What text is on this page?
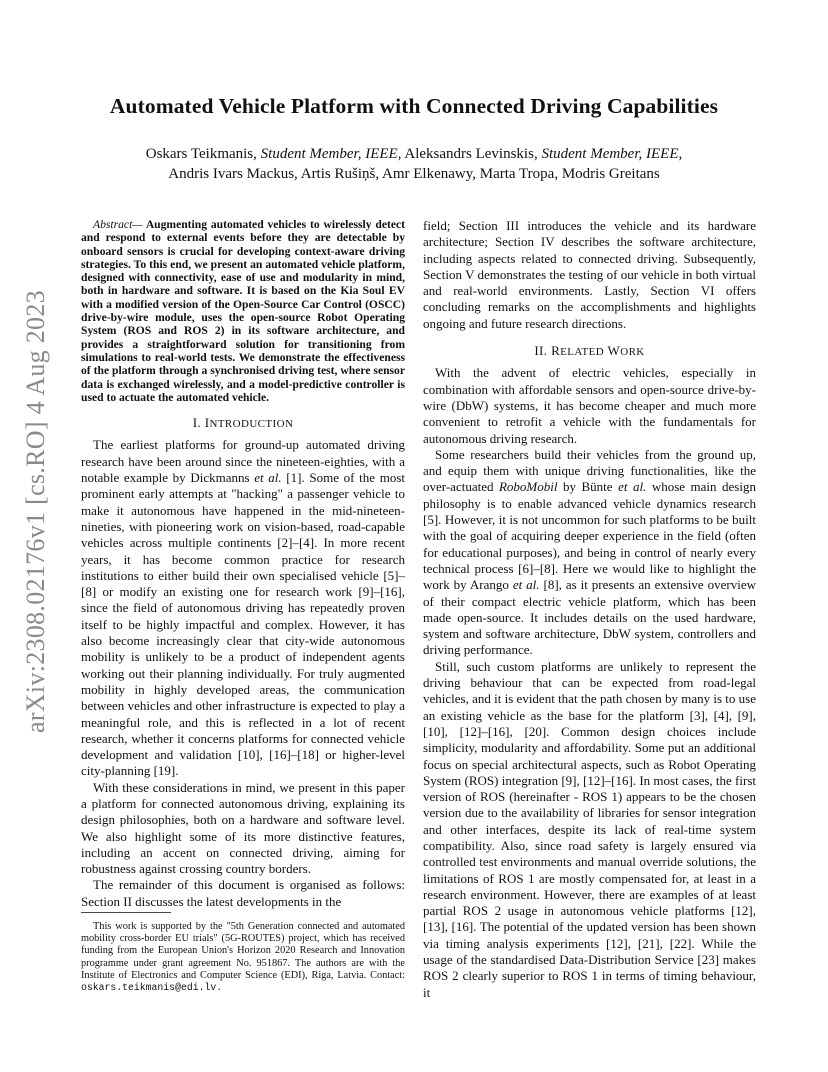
arXiv:2308.02176v1 [cs.RO] 4 Aug 2023
Automated Vehicle Platform with Connected Driving Capabilities
Oskars Teikmanis, Student Member, IEEE, Aleksandrs Levinskis, Student Member, IEEE,
Andris Ivars Mackus, Artis Rušiņš, Amr Elkenawy, Marta Tropa, Modris Greitans

Abstract— Augmenting automated vehicles to wirelessly detect and respond to external events before they are detectable by onboard sensors is crucial for developing context-aware driving strategies. To this end, we present an automated vehicle platform, designed with connectivity, ease of use and modularity in mind, both in hardware and software. It is based on the Kia Soul EV with a modified version of the Open-Source Car Control (OSCC) drive-by-wire module, uses the open-source Robot Operating System (ROS and ROS 2) in its software architecture, and provides a straightforward solution for transitioning from simulations to real-world tests. We demonstrate the effectiveness of the platform through a synchronised driving test, where sensor data is exchanged wirelessly, and a model-predictive controller is used to actuate the automated vehicle.

I. INTRODUCTION

The earliest platforms for ground-up automated driving research have been around since the nineteen-eighties, with a notable example by Dickmanns et al. [1]. Some of the most prominent early attempts at "hacking" a passenger vehicle to make it autonomous have happened in the mid-nineteen-nineties, with pioneering work on vision-based, road-capable vehicles across multiple continents [2]–[4]. In more recent years, it has become common practice for research institutions to either build their own specialised vehicle [5]–[8] or modify an existing one for research work [9]–[16], since the field of autonomous driving has repeatedly proven itself to be highly impactful and complex. However, it has also become increasingly clear that city-wide autonomous mobility is unlikely to be a product of independent agents working out their planning individually. For truly augmented mobility in highly developed areas, the communication between vehicles and other infrastructure is expected to play a meaningful role, and this is reflected in a lot of recent research, whether it concerns platforms for connected vehicle development and validation [10], [16]–[18] or higher-level city-planning [19].

With these considerations in mind, we present in this paper a platform for connected autonomous driving, explaining its design philosophies, both on a hardware and software level. We also highlight some of its more distinctive features, including an accent on connected driving, aiming for robustness against crossing country borders.

The remainder of this document is organised as follows: Section II discusses the latest developments in the

This work is supported by the "5th Generation connected and automated mobility cross-border EU trials" (5G-ROUTES) project, which has received funding from the European Union's Horizon 2020 Research and Innovation programme under grant agreement No. 951867. The authors are with the Institute of Electronics and Computer Science (EDI), Riga, Latvia. Contact: oskars.teikmanis@edi.lv.

field; Section III introduces the vehicle and its hardware architecture; Section IV describes the software architecture, including aspects related to connected driving. Subsequently, Section V demonstrates the testing of our vehicle in both virtual and real-world environments. Lastly, Section VI offers concluding remarks on the accomplishments and highlights ongoing and future research directions.

II. RELATED WORK

With the advent of electric vehicles, especially in combination with affordable sensors and open-source drive-by-wire (DbW) systems, it has become cheaper and much more convenient to retrofit a vehicle with the fundamentals for autonomous driving research.

Some researchers build their vehicles from the ground up, and equip them with unique driving functionalities, like the over-actuated RoboMobil by Bünte et al. whose main design philosophy is to enable advanced vehicle dynamics research [5]. However, it is not uncommon for such platforms to be built with the goal of acquiring deeper experience in the field (often for educational purposes), and being in control of nearly every technical process [6]–[8]. Here we would like to highlight the work by Arango et al. [8], as it presents an extensive overview of their compact electric vehicle platform, which has been made open-source. It includes details on the used hardware, system and software architecture, DbW system, controllers and driving performance.

Still, such custom platforms are unlikely to represent the driving behaviour that can be expected from road-legal vehicles, and it is evident that the path chosen by many is to use an existing vehicle as the base for the platform [3], [4], [9], [10], [12]–[16], [20]. Common design choices include simplicity, modularity and affordability. Some put an additional focus on special architectural aspects, such as Robot Operating System (ROS) integration [9], [12]–[16]. In most cases, the first version of ROS (hereinafter - ROS 1) appears to be the chosen version due to the availability of libraries for sensor integration and other interfaces, despite its lack of real-time system compatibility. Also, since road safety is largely ensured via controlled test environments and manual override solutions, the limitations of ROS 1 are mostly compensated for, at least in a research environment. However, there are examples of at least partial ROS 2 usage in autonomous vehicle platforms [12], [13], [16]. The potential of the updated version has been shown via timing analysis experiments [12], [21], [22]. While the usage of the standardised Data-Distribution Service [23] makes ROS 2 clearly superior to ROS 1 in terms of timing behaviour, it
